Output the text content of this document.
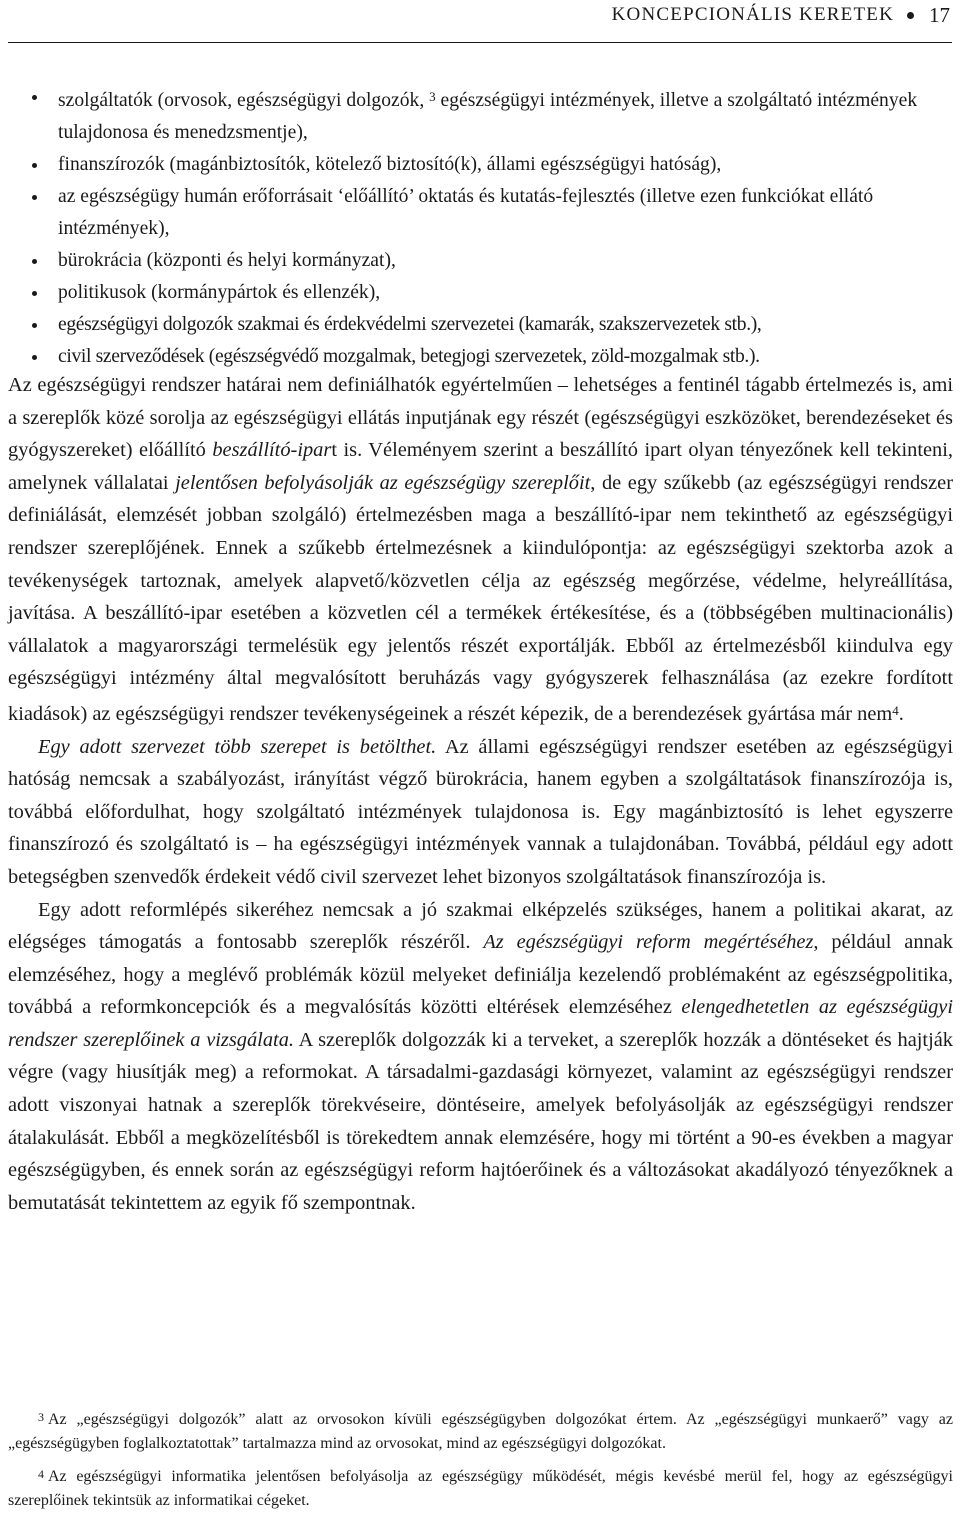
KONCEPCIONÁLIS KERETEK 17
szolgáltatók (orvosok, egészségügyi dolgozók, $^3$ egészségügyi intézmények, illetve a szolgáltató intézmények tulajdonosa és menedzsmentje),
finanszírozók (magánbiztosítók, kötelező biztosító(k), állami egészségügyi hatóság),
az egészségügy humán erőforrásait ‘előállító’ oktatás és kutatás-fejlesztés (illetve ezen funkciókat ellátó intézmények),
bürokrácia (központi és helyi kormányzat),
politikusok (kormánypártok és ellenzék),
egészségügyi dolgozók szakmai és érdekvédelmi szervezetei (kamarák, szakszervezetek stb.),
civil szerveződések (egészségvédő mozgalmak, betegjogi szervezetek, zöld-mozgalmak stb.).

Az egészségügyi rendszer határai nem definiálhatók egyértelműen – lehetséges a fentinél tágabb értelmezés is, ami a szereplők közé sorolja az egészségügyi ellátás inputjának egy részét (egészségügyi eszközöket, berendezéseket és gyógyszereket) előállító beszállító-ipart is. Véleményem szerint a beszállító ipart olyan tényezőnek kell tekinteni, amelynek vállalatai jelentősen befolyásolják az egészségügy szereplőit, de egy szűkebb (az egészségügyi rendszer definiálását, elemzését jobban szolgáló) értelmezésben maga a beszállító-ipar nem tekinthető az egészségügyi rendszer szereplőjének. Ennek a szűkebb értelmezésnek a kiindulópontja: az egészségügyi szektorba azok a tevékenységek tartoznak, amelyek alapvető/közvetlen célja az egészség megőrzése, védelme, helyreállítása, javítása. A beszállító-ipar esetében a közvetlen cél a termékek értékesítése, és a (többségében multinacionális) vállalatok a magyarországi termelésük egy jelentős részét exportálják. Ebből az értelmezésből kiindulva egy egészségügyi intézmény által megvalósított beruházás vagy gyógyszerek felhasználása (az ezekre fordított kiadások) az egészségügyi rendszer tevékenységeinek a részét képezik, de a berendezések gyártása már nem$^4$.

Egy adott szervezet több szerepet is betölthet. Az állami egészségügyi rendszer esetében az egészségügyi hatóság nemcsak a szabályozást, irányítást végző bürokrácia, hanem egyben a szolgáltatások finanszírozója is, továbbá előfordulhat, hogy szolgáltató intézmények tulajdonosa is. Egy magánbiztosító is lehet egyszerre finanszírozó és szolgáltató is – ha egészségügyi intézmények vannak a tulajdonában. Továbbá, például egy adott betegségben szenvedők érdekeit védő civil szervezet lehet bizonyos szolgáltatások finanszírozója is.

Egy adott reformlépés sikeréhez nemcsak a jó szakmai elképzelés szükséges, hanem a politikai akarat, az elégséges támogatás a fontosabb szereplők részéről. Az egészségügyi reform megértéséhez, például annak elemzéséhez, hogy a meglévő problémák közül melyeket definiálja kezelendő problémaként az egészségpolitika, továbbá a reformkoncepciók és a megvalósítás közötti eltérések elemzéséhez elengedhetetlen az egészségügyi rendszer szereplőinek a vizsgálata. A szereplők dolgozzák ki a terveket, a szereplők hozzák a döntéseket és hajtják végre (vagy hiusítják meg) a reformokat. A társadalmi-gazdasági környezet, valamint az egészségügyi rendszer adott viszonyai hatnak a szereplők törekvéseire, döntéseire, amelyek befolyásolják az egészségügyi rendszer átalakulását. Ebből a megközelítésből is törekedtem annak elemzésére, hogy mi történt a 90-es években a magyar egészségügyben, és ennek során az egészségügyi reform hajtóerőinek és a változásokat akadályozó tényezőknek a bemutatását tekintettem az egyik fő szempontnak.

$^3$ Az „egészségügyi dolgozók” alatt az orvosokon kívüli egészségügyben dolgozókat értem. Az „egészségügyi munkaerő” vagy az „egészségügyben foglalkoztatottak” tartalmazza mind az orvosokat, mind az egészségügyi dolgozókat.

$^4$ Az egészségügyi informatika jelentősen befolyásolja az egészségügy működését, mégis kevésbé merül fel, hogy az egészségügyi szereplőinek tekintsük az informatikai cégeket.
